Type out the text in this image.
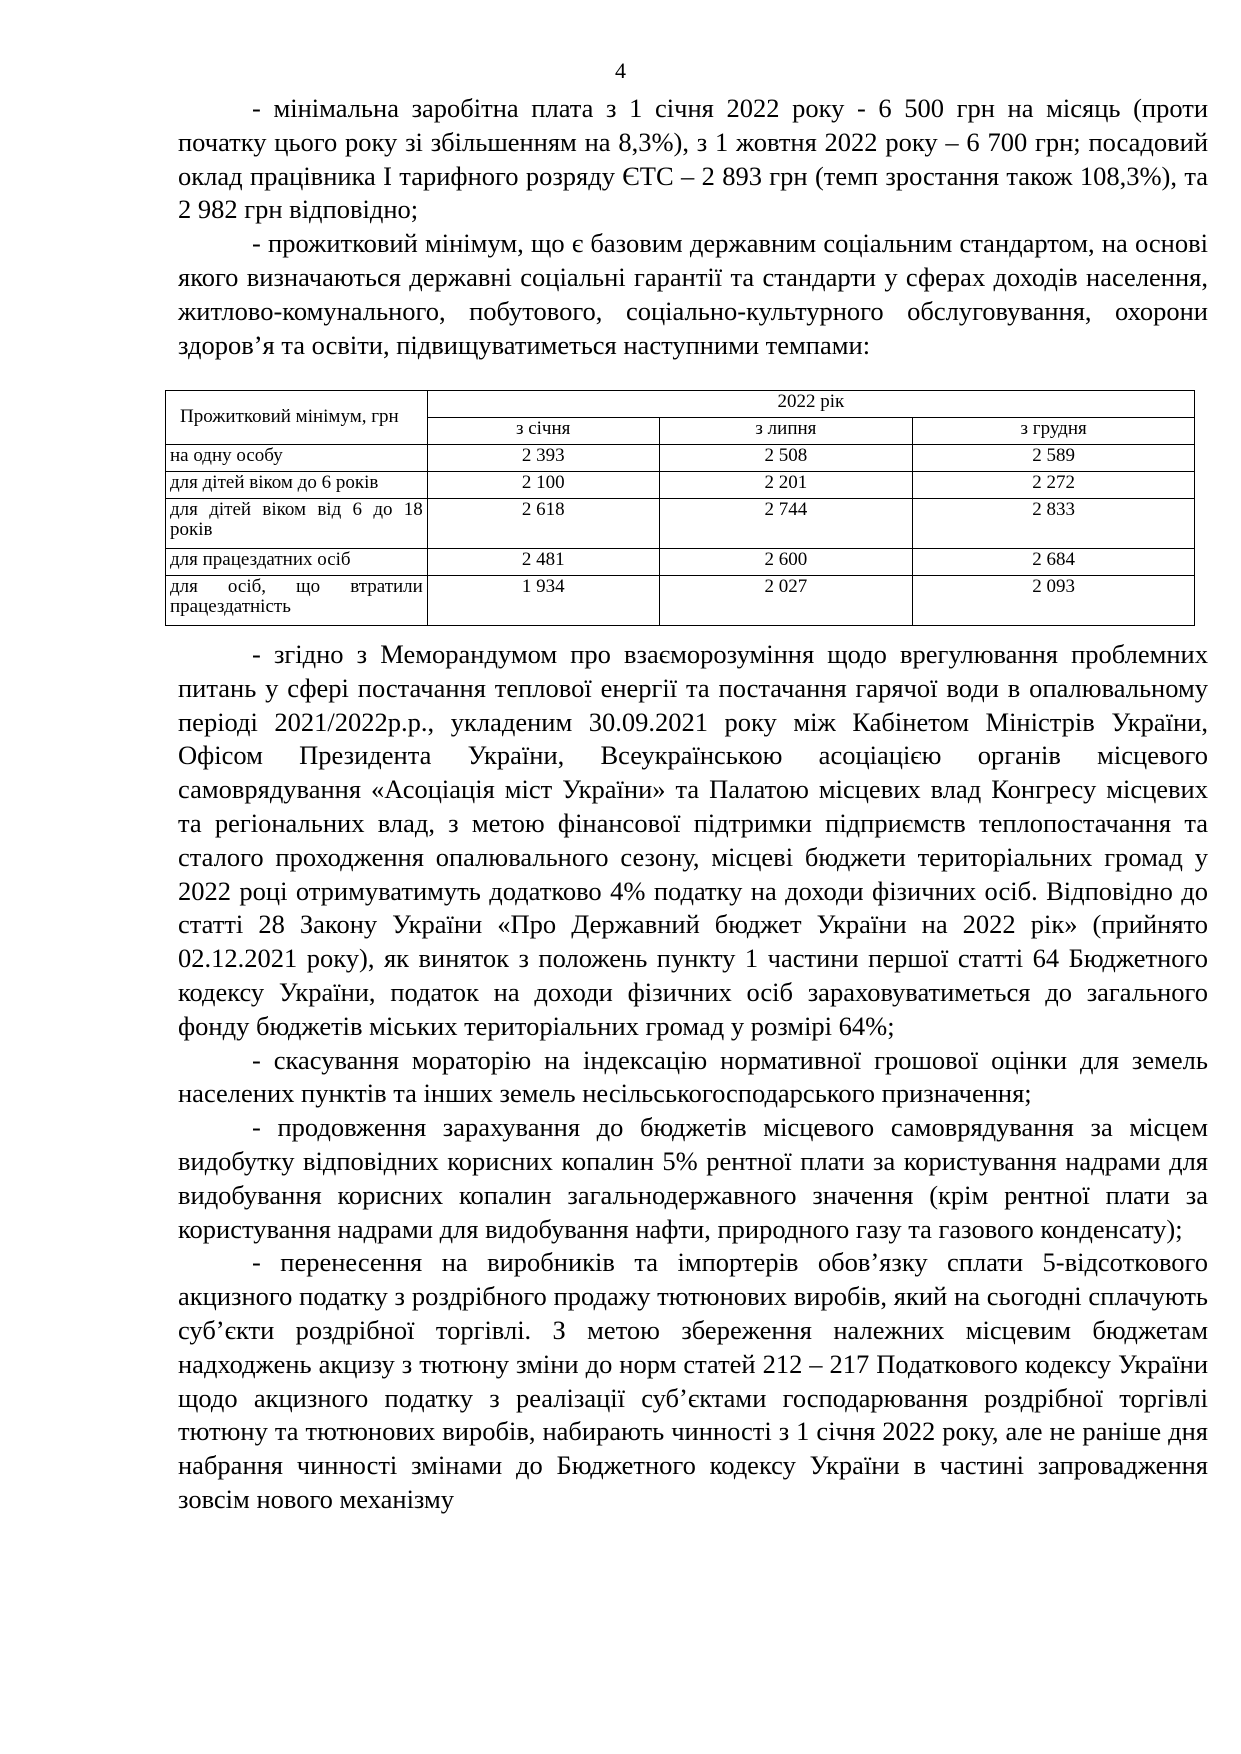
4

- мінімальна заробітна плата з 1 січня 2022 року - 6 500 грн на місяць (проти початку цього року зі збільшенням на 8,3%), з 1 жовтня 2022 року – 6 700 грн; посадовий оклад працівника I тарифного розряду ЄТС – 2 893 грн (темп зростання також 108,3%), та 2 982 грн відповідно;

- прожитковий мінімум, що є базовим державним соціальним стандартом, на основі якого визначаються державні соціальні гарантії та стандарти у сферах доходів населення, житлово-комунального, побутового, соціально-культурного обслуговування, охорони здоров’я та освіти, підвищуватиметься наступними темпами:

Прожитковий мінімум, грн	2022 рік		
	з січня	з липня	з грудня
на одну особу	2 393	2 508	2 589
для дітей віком до 6 років	2 100	2 201	2 272
для дітей віком від 6 до 18 років	2 618	2 744	2 833
для працездатних осіб	2 481	2 600	2 684
для осіб, що втратили працездатність	1 934	2 027	2 093

- згідно з Меморандумом про взаєморозуміння щодо врегулювання проблемних питань у сфері постачання теплової енергії та постачання гарячої води в опалювальному періоді 2021/2022р.р., укладеним 30.09.2021 року між Кабінетом Міністрів України, Офісом Президента України, Всеукраїнською асоціацією органів місцевого самоврядування «Асоціація міст України» та Палатою місцевих влад Конгресу місцевих та регіональних влад, з метою фінансової підтримки підприємств теплопостачання та сталого проходження опалювального сезону, місцеві бюджети територіальних громад у 2022 році отримуватимуть додатково 4% податку на доходи фізичних осіб. Відповідно до статті 28 Закону України «Про Державний бюджет України на 2022 рік» (прийнято 02.12.2021 року), як виняток з положень пункту 1 частини першої статті 64 Бюджетного кодексу України, податок на доходи фізичних осіб зараховуватиметься до загального фонду бюджетів міських територіальних громад у розмірі 64%;

- скасування мораторію на індексацію нормативної грошової оцінки для земель населених пунктів та інших земель несільськогосподарського призначення;

- продовження зарахування до бюджетів місцевого самоврядування за місцем видобутку відповідних корисних копалин 5% рентної плати за користування надрами для видобування корисних копалин загальнодержавного значення (крім рентної плати за користування надрами для видобування нафти, природного газу та газового конденсату);

- перенесення на виробників та імпортерів обов’язку сплати 5-відсоткового акцизного податку з роздрібного продажу тютюнових виробів, який на сьогодні сплачують суб’єкти роздрібної торгівлі. З метою збереження належних місцевим бюджетам надходжень акцизу з тютюну зміни до норм статей 212 – 217 Податкового кодексу України щодо акцизного податку з реалізації суб’єктами господарювання роздрібної торгівлі тютюну та тютюнових виробів, набирають чинності з 1 січня 2022 року, але не раніше дня набрання чинності змінами до Бюджетного кодексу України в частині запровадження зовсім нового механізму
